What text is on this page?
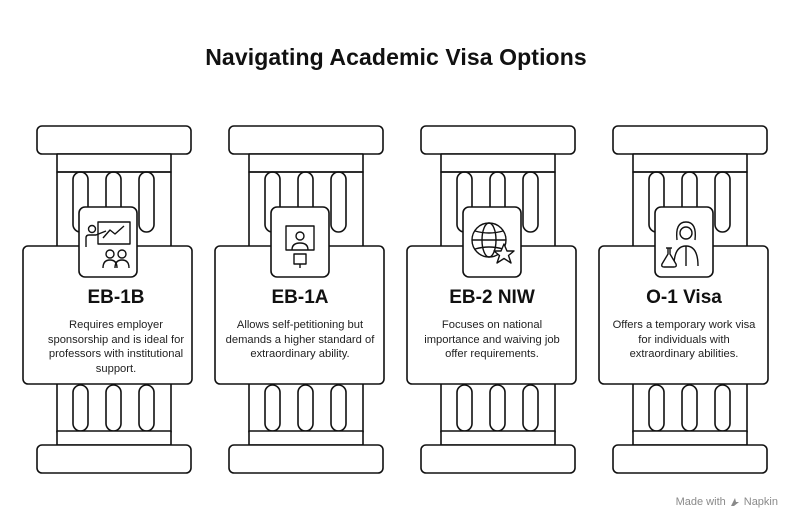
Navigating Academic Visa Options
EB-1B
Requires employer sponsorship and is ideal for professors with institutional support.
EB-1A
Allows self-petitioning but demands a higher standard of extraordinary ability.
EB-2 NIW
Focuses on national importance and waiving job offer requirements.
O-1 Visa
Offers a temporary work visa for individuals with extraordinary abilities.
Made with Napkin
